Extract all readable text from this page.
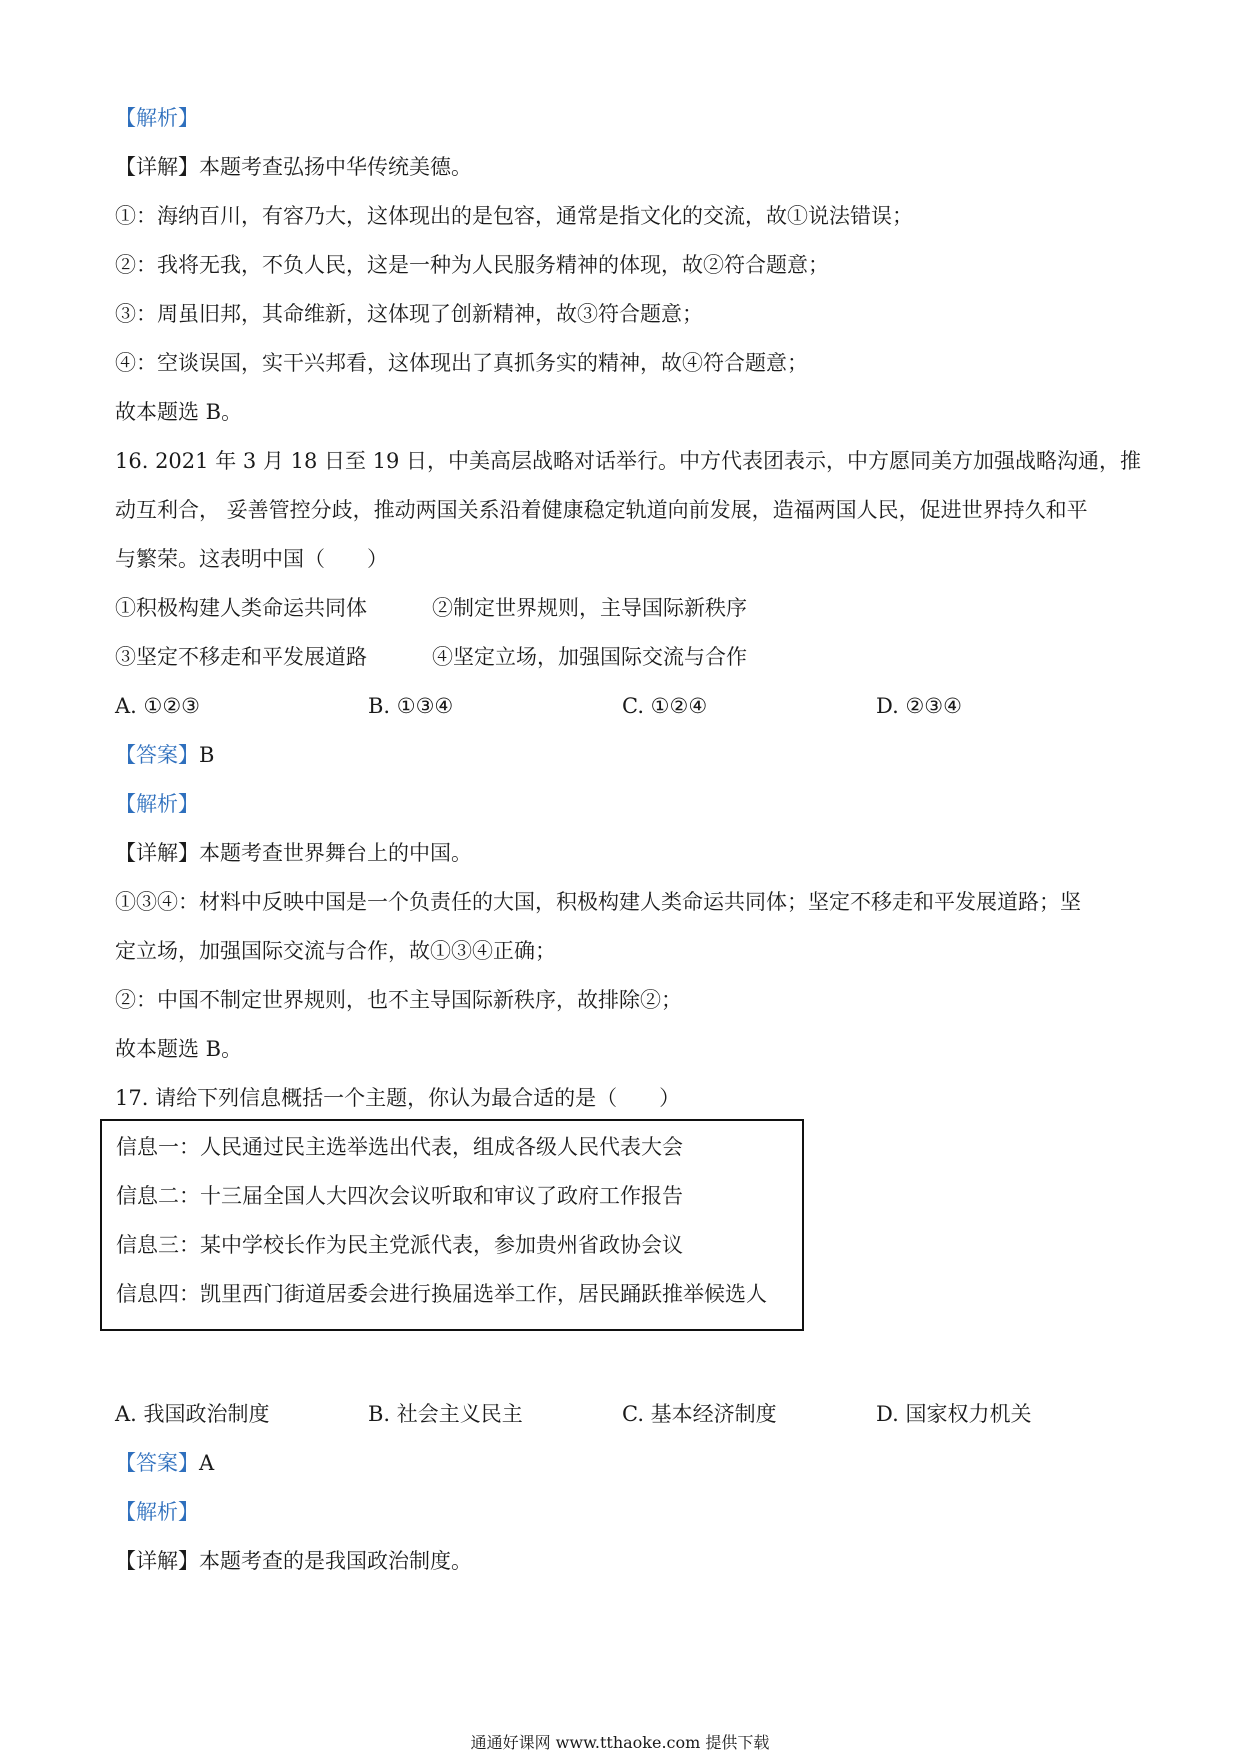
【解析】
【详解】本题考查弘扬中华传统美德。
①：海纳百川，有容乃大，这体现出的是包容，通常是指文化的交流，故①说法错误；
②：我将无我，不负人民，这是一种为人民服务精神的体现，故②符合题意；
③：周虽旧邦，其命维新，这体现了创新精神，故③符合题意；
④：空谈误国，实干兴邦看，这体现出了真抓务实的精神，故④符合题意；
故本题选 B。
16. 2021 年 3 月 18 日至 19 日，中美高层战略对话举行。中方代表团表示，中方愿同美方加强战略沟通，推
动互利合， 妥善管控分歧，推动两国关系沿着健康稳定轨道向前发展，造福两国人民，促进世界持久和平
与繁荣。这表明中国（　　）
①积极构建人类命运共同体	②制定世界规则，主导国际新秩序
③坚定不移走和平发展道路	④坚定立场，加强国际交流与合作
A. ①②③	B. ①③④	C. ①②④	D. ②③④
【答案】B
【解析】
【详解】本题考查世界舞台上的中国。
①③④：材料中反映中国是一个负责任的大国，积极构建人类命运共同体；坚定不移走和平发展道路；坚
定立场，加强国际交流与合作，故①③④正确；
②：中国不制定世界规则，也不主导国际新秩序，故排除②；
故本题选 B。
17. 请给下列信息概括一个主题，你认为最合适的是（　　）
信息一：人民通过民主选举选出代表，组成各级人民代表大会
信息二：十三届全国人大四次会议听取和审议了政府工作报告
信息三：某中学校长作为民主党派代表，参加贵州省政协会议
信息四：凯里西门街道居委会进行换届选举工作，居民踊跃推举候选人
A. 我国政治制度	B. 社会主义民主	C. 基本经济制度	D. 国家权力机关
【答案】A
【解析】
【详解】本题考查的是我国政治制度。
通通好课网 www.tthaoke.com 提供下载
